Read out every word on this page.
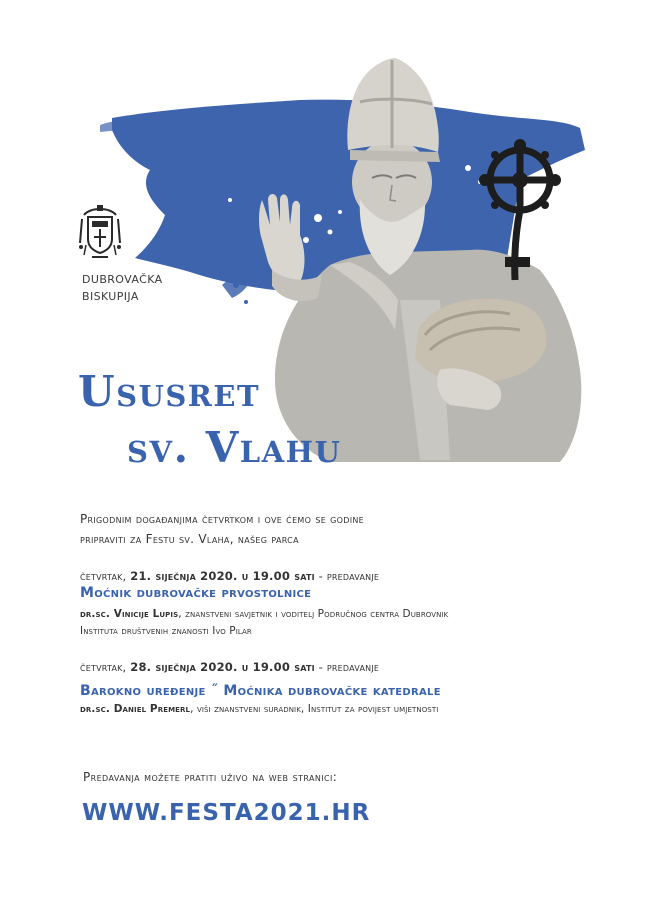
DUBROVAČKA
BISKUPIJA
Ususret
sv. Vlahu
Prigodnim događanjima četvrtkom i ove ćemo se godine
pripraviti za Festu sv. Vlaha, našeg parca
četvrtak, 21. siječnja 2020. u 19.00 sati - predavanje
Moćnik dubrovačke prvostolnice
dr.sc. Vinicije Lupis, znanstveni savjetnik i voditelj Područnog centra Dubrovnik
Instituta društvenih znanosti Ivo Pilar
četvrtak, 28. siječnja 2020. u 19.00 sati - predavanje
Barokno uređenje ˝ Moćnika dubrovačke katedrale
dr.sc. Daniel Premerl, viši znanstveni suradnik, Institut za povijest umjetnosti
Predavanja možete pratiti uživo na web stranici:
WWW.FESTA2021.HR
